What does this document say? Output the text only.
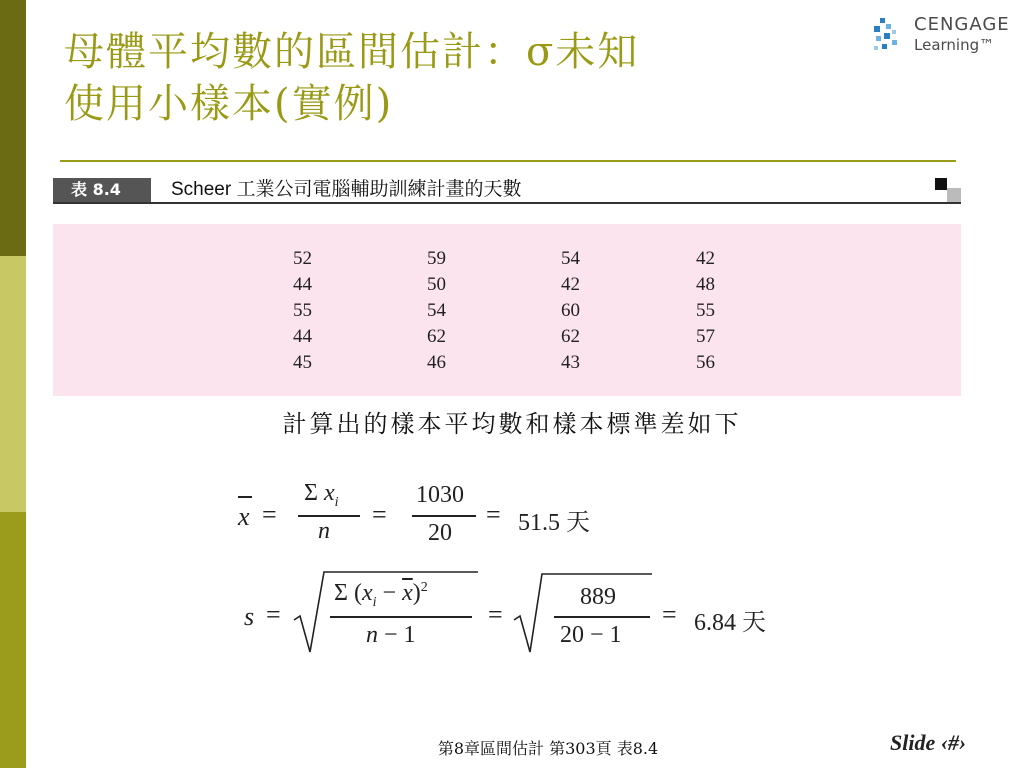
母體平均數的區間估計：σ未知
使用小樣本(實例)
CENGAGE
Learning™
表 8.4	Scheer 工業公司電腦輔助訓練計畫的天數
52
44
55
44
45
59
50
54
62
46
54
42
60
62
43
42
48
55
57
56
計算出的樣本平均數和樣本標準差如下
x =
Σ $x_i$
n
=
1030
20
= 51.5 天
s =
Σ $(x_i - \overline{x})^2$
n − 1
=
889
20 − 1
= 6.84 天
第8章區間估計 第303頁 表8.4	Slide ‹#›
